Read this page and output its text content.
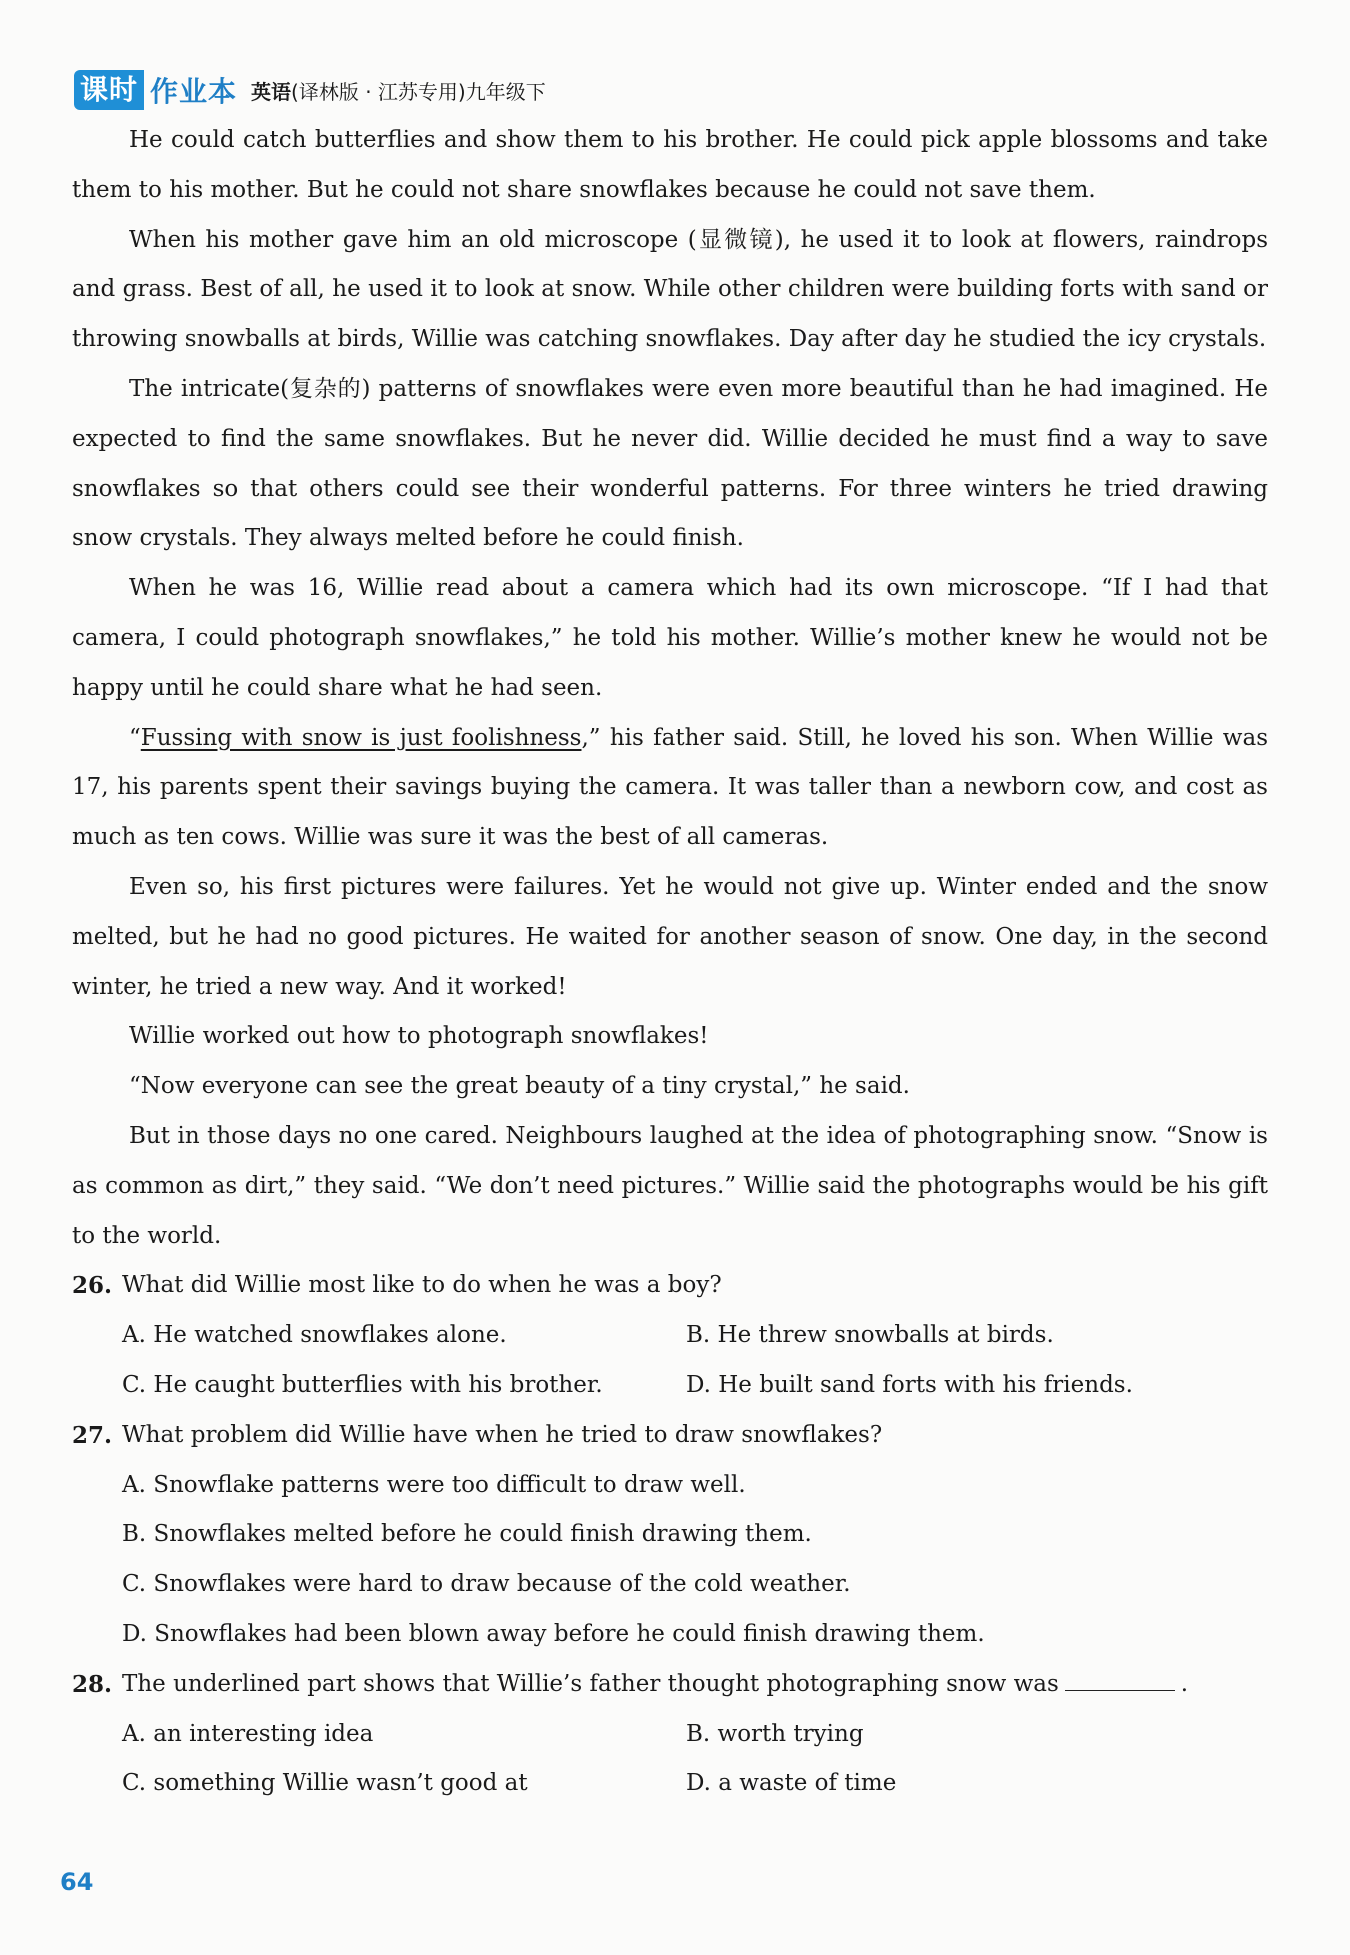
课时 作业本 英语(译林版 · 江苏专用)九年级下

He could catch butterflies and show them to his brother. He could pick apple blossoms and take them to his mother. But he could not share snowflakes because he could not save them.

When his mother gave him an old microscope (显微镜), he used it to look at flowers, raindrops and grass. Best of all, he used it to look at snow. While other children were building forts with sand or throwing snowballs at birds, Willie was catching snowflakes. Day after day he studied the icy crystals.

The intricate(复杂的) patterns of snowflakes were even more beautiful than he had imagined. He expected to find the same snowflakes. But he never did. Willie decided he must find a way to save snowflakes so that others could see their wonderful patterns. For three winters he tried drawing snow crystals. They always melted before he could finish.

When he was 16, Willie read about a camera which had its own microscope. “If I had that camera, I could photograph snowflakes,” he told his mother. Willie’s mother knew he would not be happy until he could share what he had seen.

“Fussing with snow is just foolishness,” his father said. Still, he loved his son. When Willie was 17, his parents spent their savings buying the camera. It was taller than a newborn cow, and cost as much as ten cows. Willie was sure it was the best of all cameras.

Even so, his first pictures were failures. Yet he would not give up. Winter ended and the snow melted, but he had no good pictures. He waited for another season of snow. One day, in the second winter, he tried a new way. And it worked!

Willie worked out how to photograph snowflakes!

“Now everyone can see the great beauty of a tiny crystal,” he said.

But in those days no one cared. Neighbours laughed at the idea of photographing snow. “Snow is as common as dirt,” they said. “We don’t need pictures.” Willie said the photographs would be his gift to the world.

26. What did Willie most like to do when he was a boy?
A. He watched snowflakes alone.	B. He threw snowballs at birds.
C. He caught butterflies with his brother.	D. He built sand forts with his friends.
27. What problem did Willie have when he tried to draw snowflakes?
A. Snowflake patterns were too difficult to draw well.
B. Snowflakes melted before he could finish drawing them.
C. Snowflakes were hard to draw because of the cold weather.
D. Snowflakes had been blown away before he could finish drawing them.
28. The underlined part shows that Willie’s father thought photographing snow was	.
A. an interesting idea	B. worth trying
C. something Willie wasn’t good at	D. a waste of time
64
